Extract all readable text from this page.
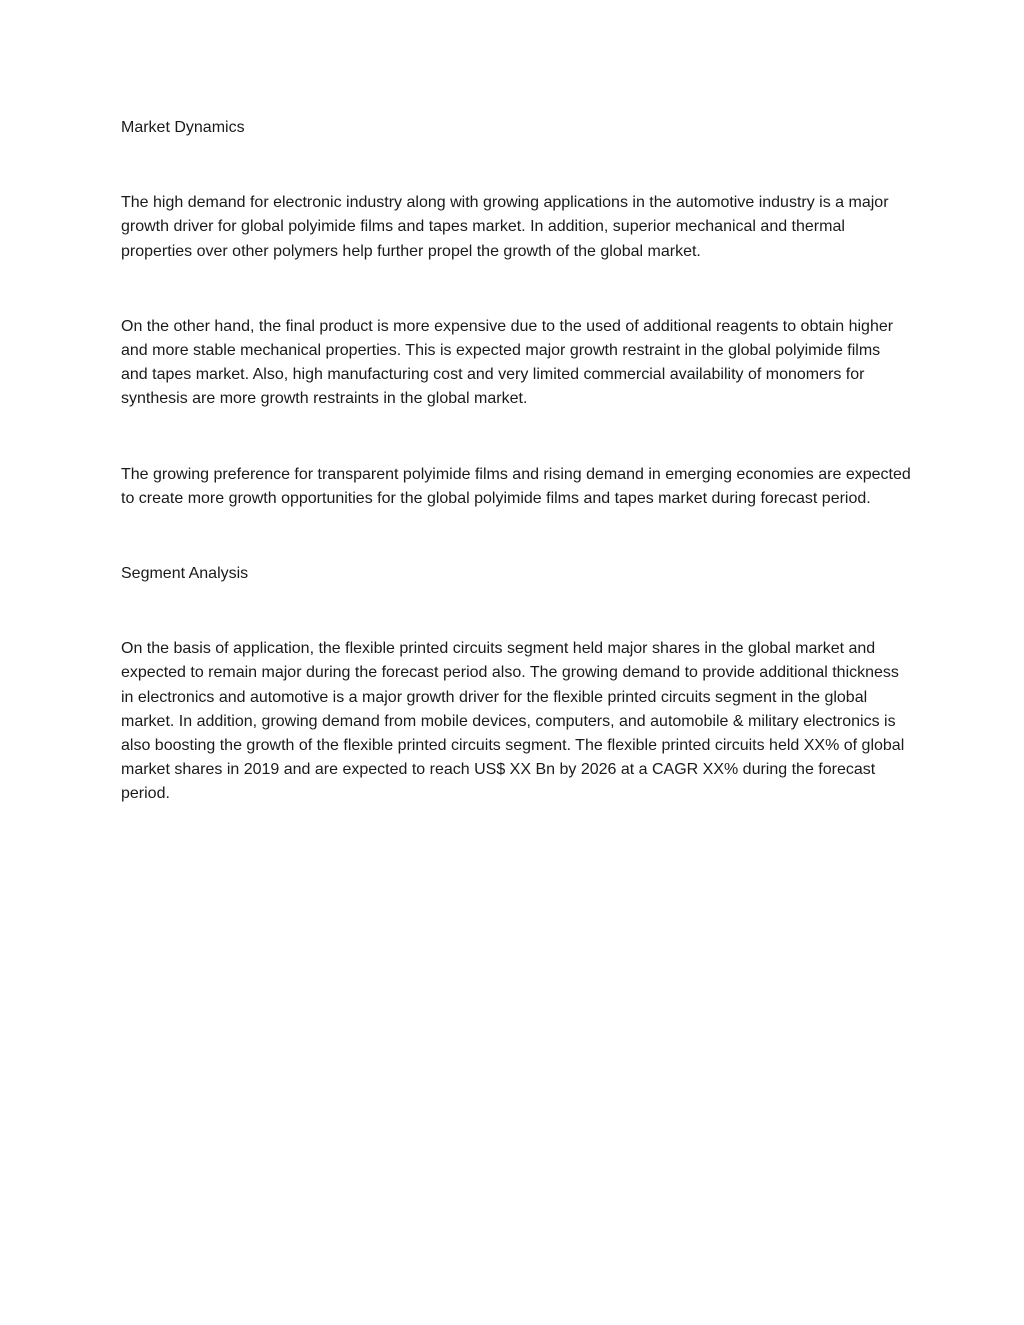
Market Dynamics

The high demand for electronic industry along with growing applications in the automotive industry is a major growth driver for global polyimide films and tapes market. In addition, superior mechanical and thermal properties over other polymers help further propel the growth of the global market.

On the other hand, the final product is more expensive due to the used of additional reagents to obtain higher and more stable mechanical properties. This is expected major growth restraint in the global polyimide films and tapes market. Also, high manufacturing cost and very limited commercial availability of monomers for synthesis are more growth restraints in the global market.

The growing preference for transparent polyimide films and rising demand in emerging economies are expected to create more growth opportunities for the global polyimide films and tapes market during forecast period.

Segment Analysis

On the basis of application, the flexible printed circuits segment held major shares in the global market and expected to remain major during the forecast period also. The growing demand to provide additional thickness in electronics and automotive is a major growth driver for the flexible printed circuits segment in the global market. In addition, growing demand from mobile devices, computers, and automobile & military electronics is also boosting the growth of the flexible printed circuits segment. The flexible printed circuits held XX% of global market shares in 2019 and are expected to reach US$ XX Bn by 2026 at a CAGR XX% during the forecast period.
